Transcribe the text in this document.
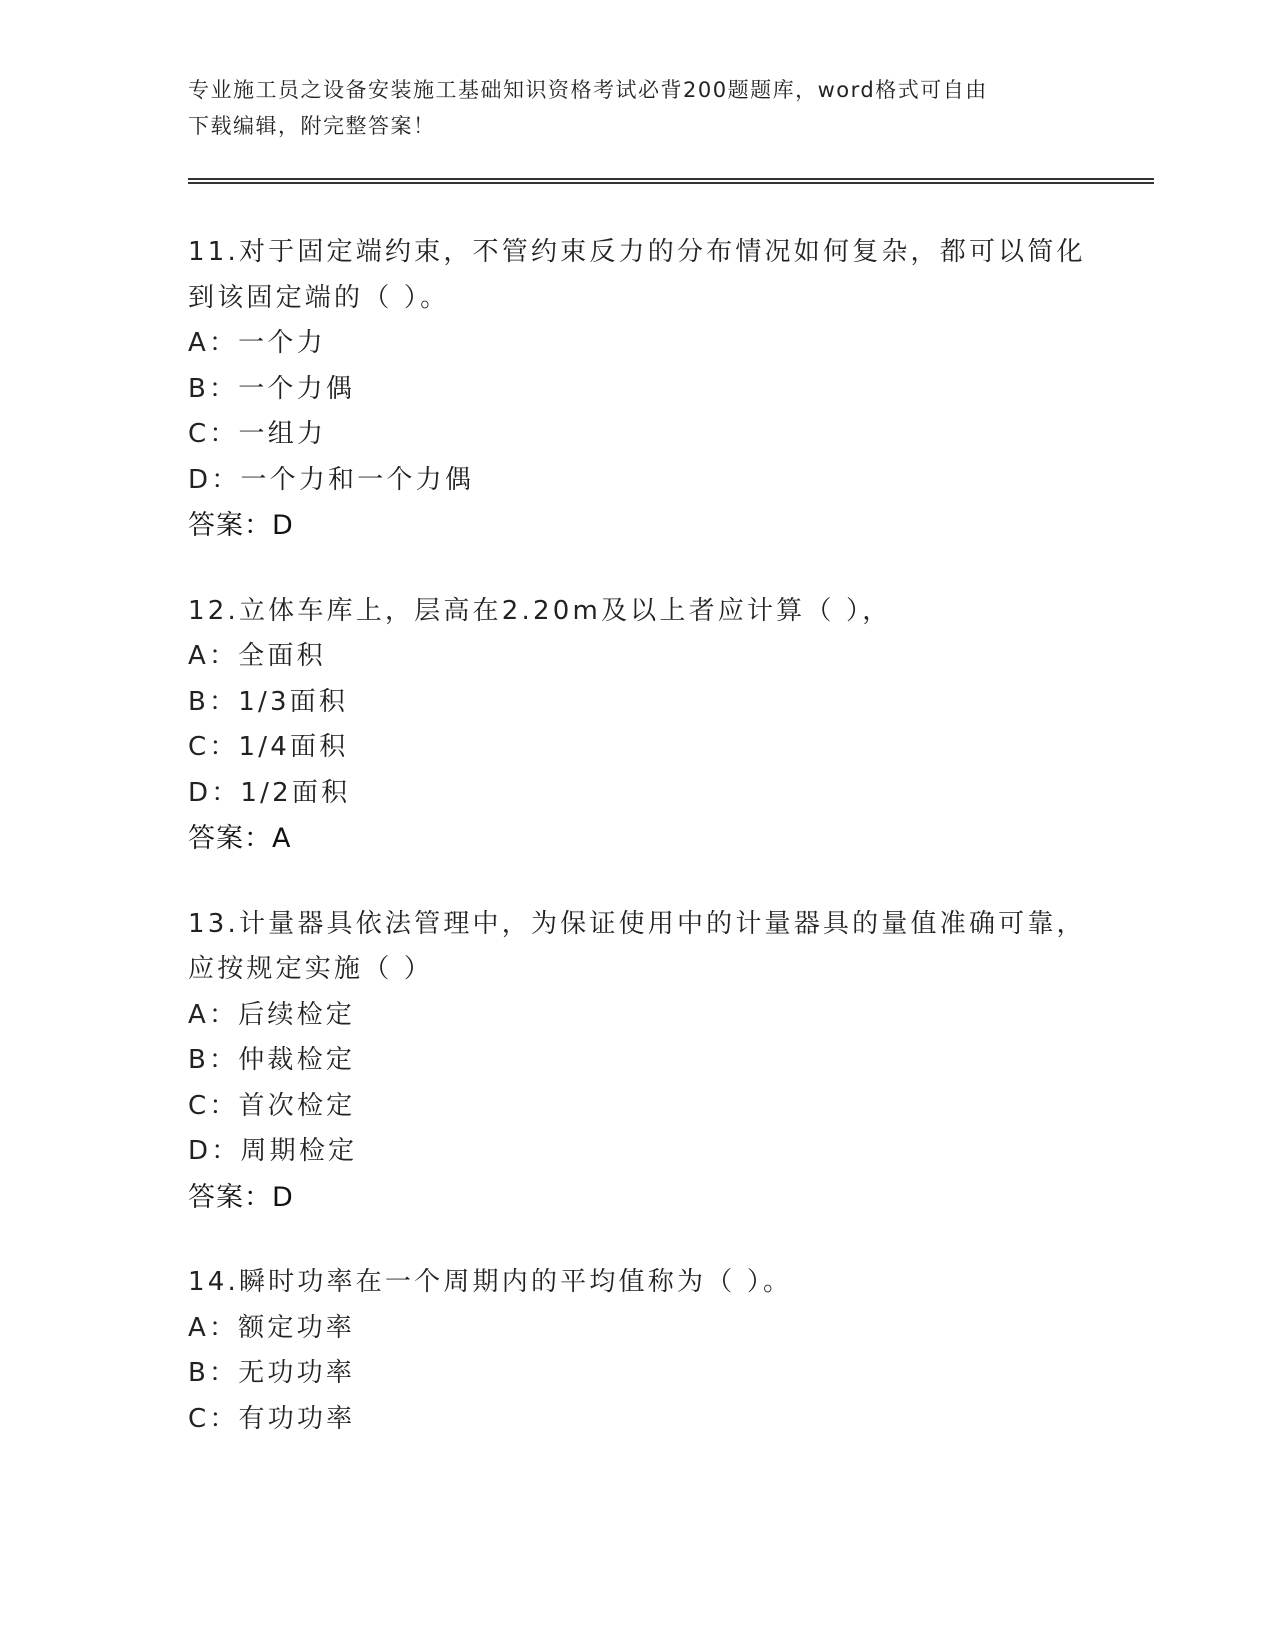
专业施工员之设备安装施工基础知识资格考试必背200题题库，word格式可自由
下载编辑，附完整答案！

11.对于固定端约束，不管约束反力的分布情况如何复杂，都可以简化

到该固定端的（ ）。

A：一个力

B：一个力偶

C：一组力

D：一个力和一个力偶

答案：D

12.立体车库上，层高在2.20m及以上者应计算（ ），

A：全面积

B：1/3面积

C：1/4面积

D：1/2面积

答案：A

13.计量器具依法管理中，为保证使用中的计量器具的量值准确可靠，

应按规定实施（ ）

A：后续检定

B：仲裁检定

C：首次检定

D：周期检定

答案：D

14.瞬时功率在一个周期内的平均值称为（ ）。

A：额定功率

B：无功功率

C：有功功率
